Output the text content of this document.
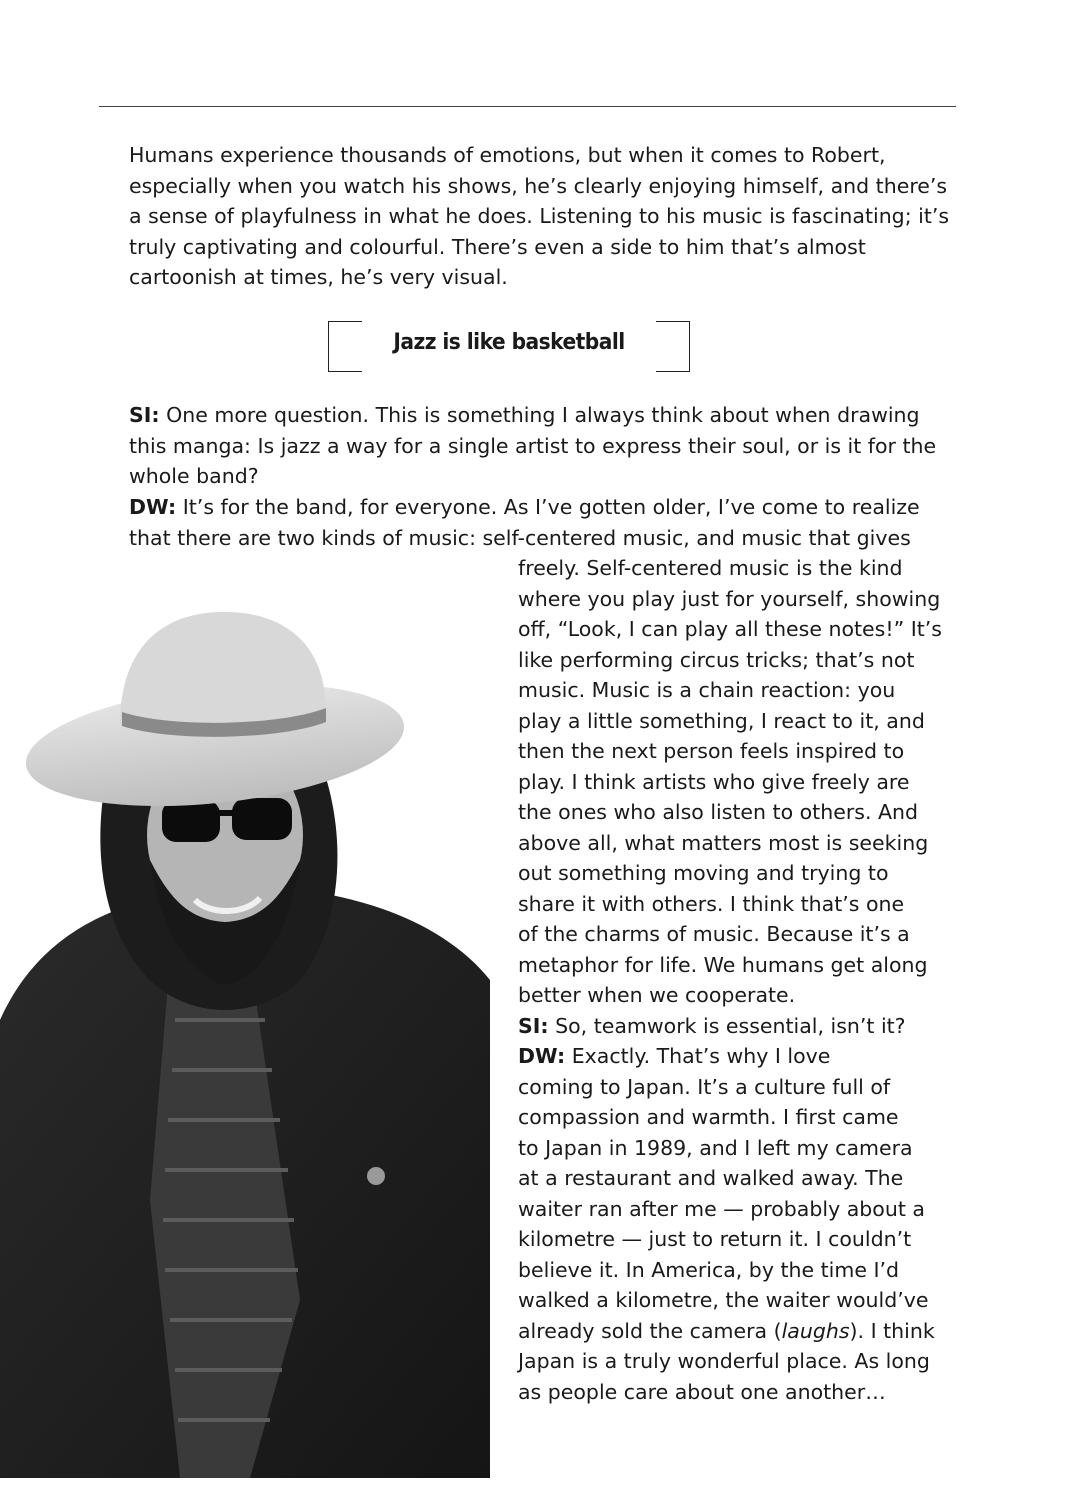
Humans experience thousands of emotions, but when it comes to Robert, especially when you watch his shows, he’s clearly enjoying himself, and there’s a sense of playfulness in what he does. Listening to his music is fascinating; it’s truly captivating and colourful. There’s even a side to him that’s almost cartoonish at times, he’s very visual.

Jazz is like basketball

SI: One more question. This is something I always think about when drawing this manga: Is jazz a way for a single artist to express their soul, or is it for the whole band?

DW: It’s for the band, for everyone. As I’ve gotten older, I’ve come to realize that there are two kinds of music: self-centered music, and music that gives

freely. Self-centered music is the kind
where you play just for yourself, showing
off, “Look, I can play all these notes!” It’s
like performing circus tricks; that’s not
music. Music is a chain reaction: you
play a little something, I react to it, and
then the next person feels inspired to
play. I think artists who give freely are
the ones who also listen to others. And
above all, what matters most is seeking
out something moving and trying to
share it with others. I think that’s one
of the charms of music. Because it’s a
metaphor for life. We humans get along
better when we cooperate.
SI: So, teamwork is essential, isn’t it?
DW: Exactly. That’s why I love
coming to Japan. It’s a culture full of
compassion and warmth. I first came
to Japan in 1989, and I left my camera
at a restaurant and walked away. The
waiter ran after me — probably about a
kilometre — just to return it. I couldn’t
believe it. In America, by the time I’d
walked a kilometre, the waiter would’ve
already sold the camera (laughs). I think
Japan is a truly wonderful place. As long
as people care about one another…
